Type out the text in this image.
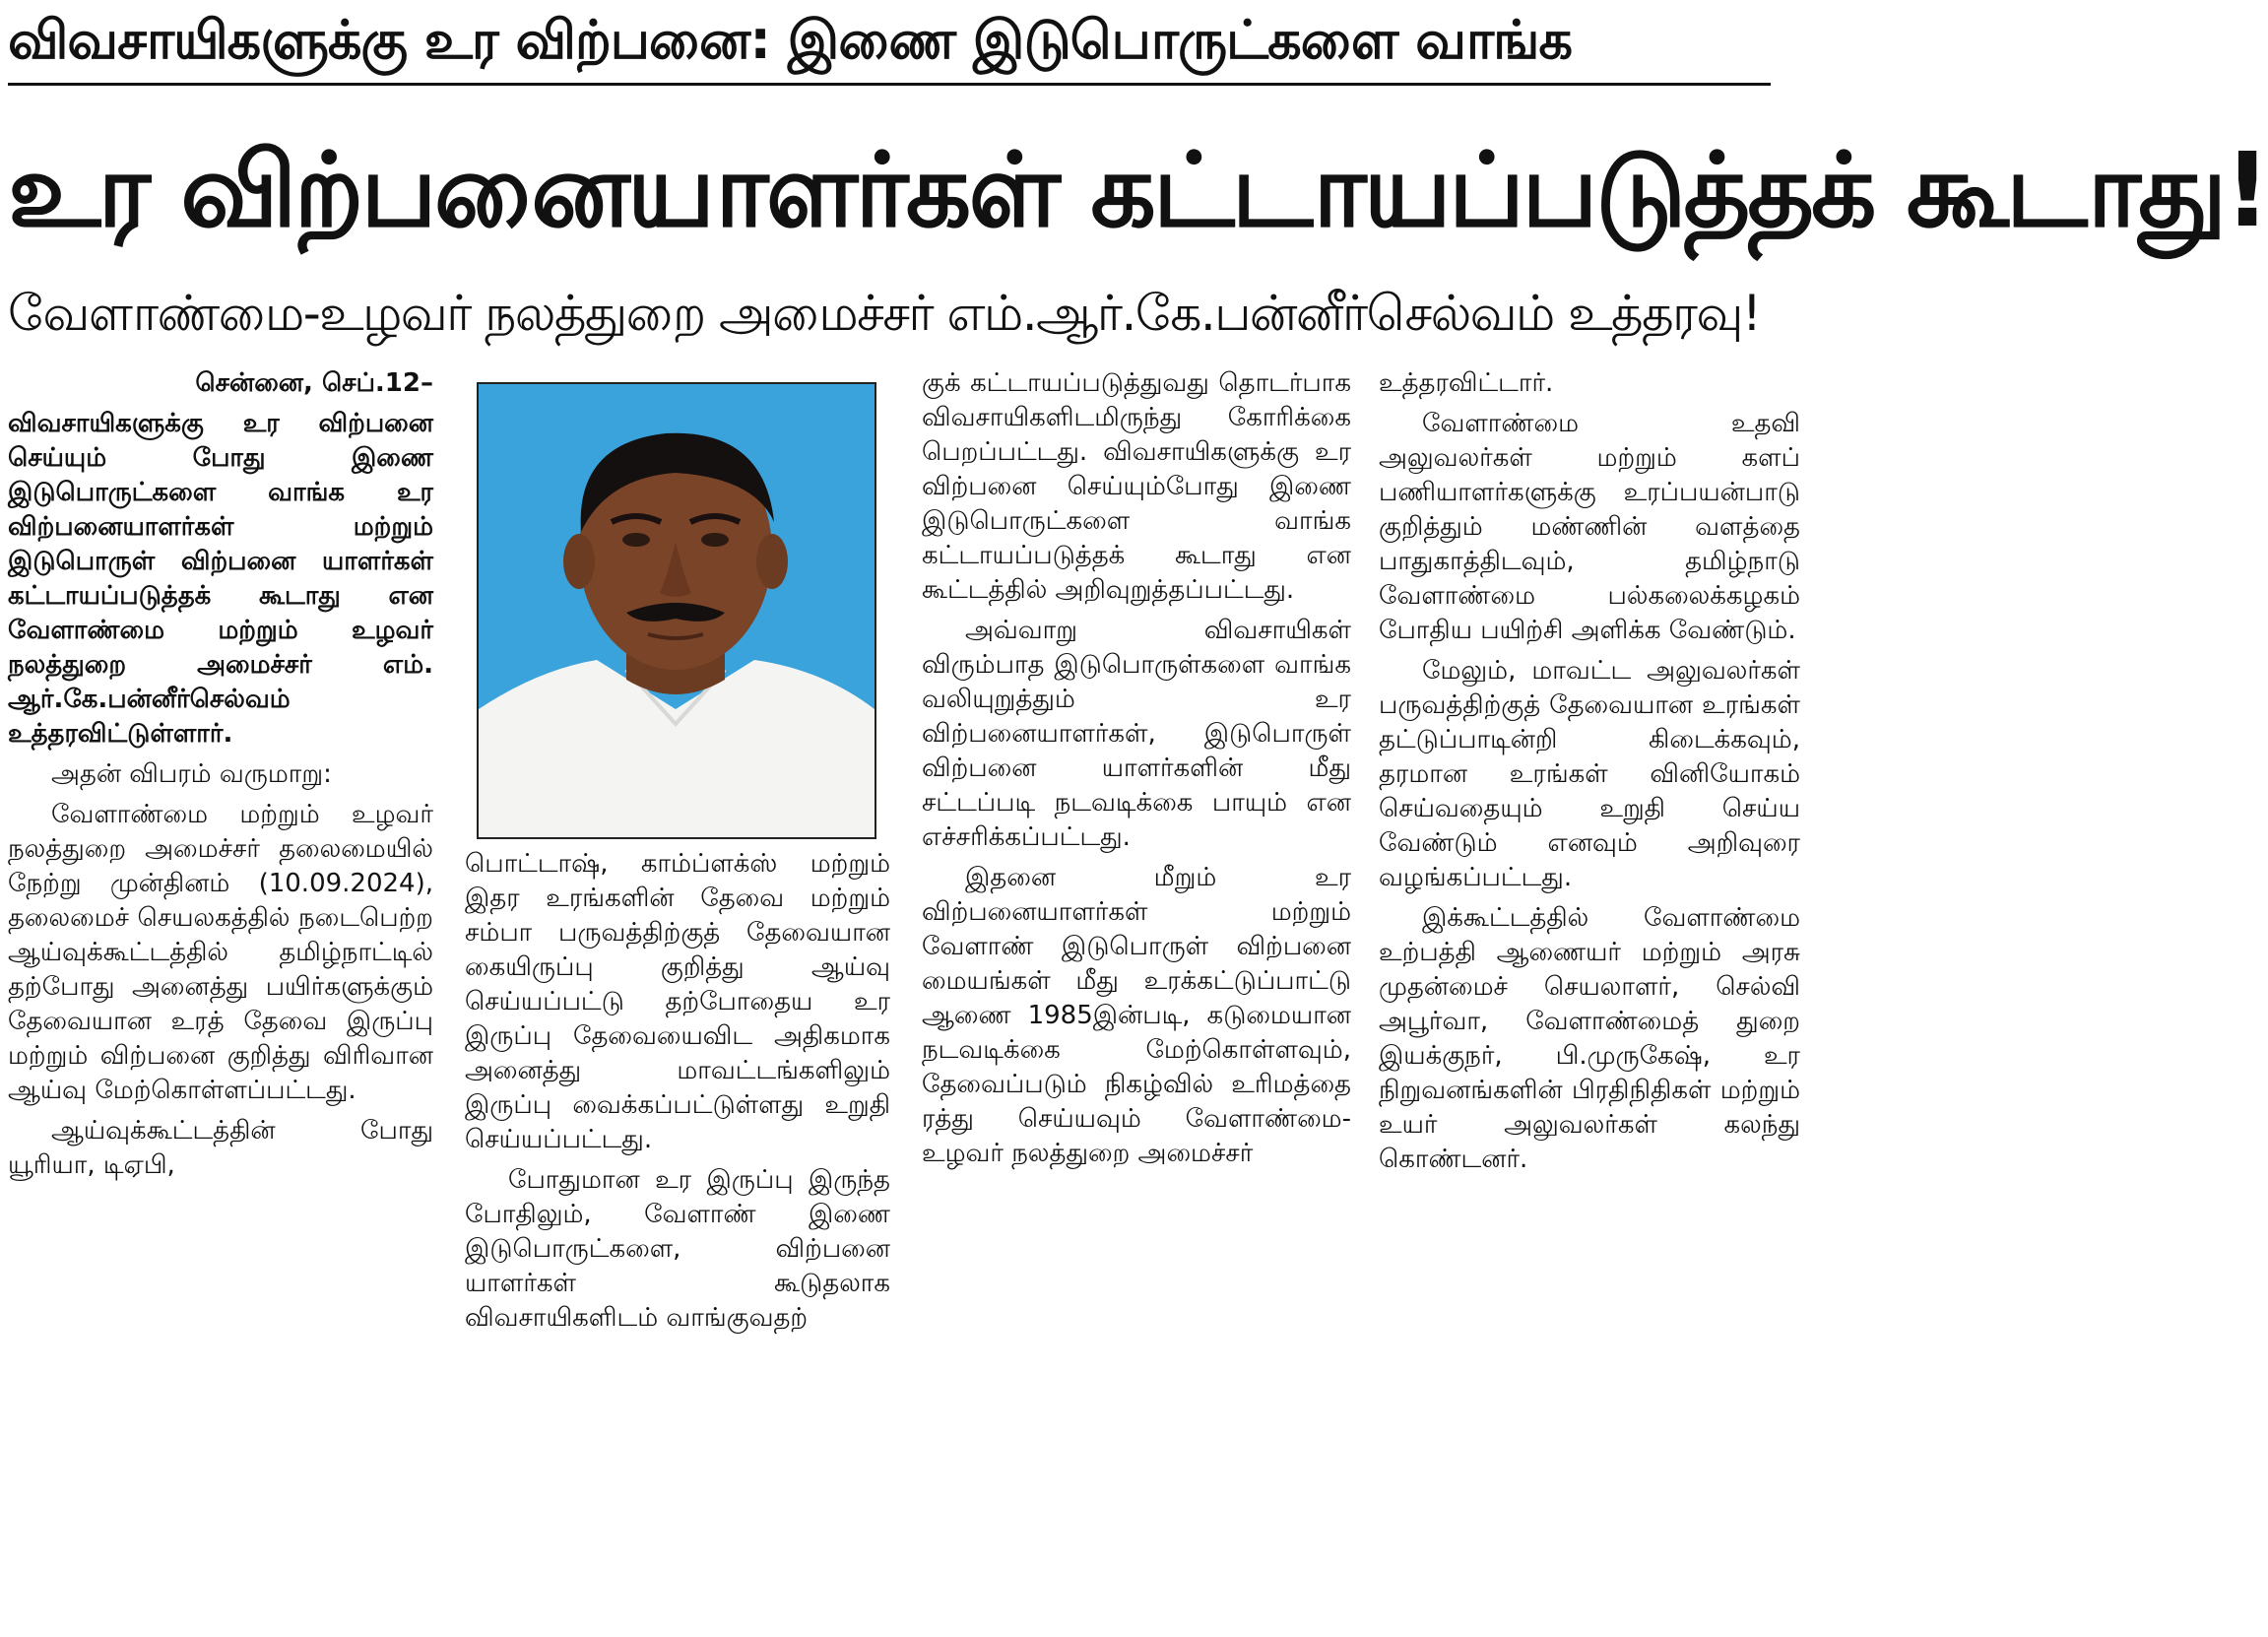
விவசாயிகளுக்கு உர விற்பனை: இணை இடுபொருட்களை வாங்க
உர விற்பனையாளர்கள் கட்டாயப்படுத்தக் கூடாது!
வேளாண்மை-உழவர் நலத்துறை அமைச்சர் எம்.ஆர்.கே.பன்னீர்செல்வம் உத்தரவு!

சென்னை, செப்.12–

விவசாயிகளுக்கு உர விற்பனை செய்யும் போது இணை இடுபொருட்களை வாங்க உர விற்பனையாளர்கள் மற்றும் இடுபொருள் விற்பனை யாளர்கள் கட்டாயப்படுத்தக் கூடாது என வேளாண்மை மற்றும் உழவர் நலத்துறை அமைச்சர் எம். ஆர்.கே.பன்னீர்செல்வம் உத்தரவிட்டுள்ளார்.

அதன் விபரம் வருமாறு:

வேளாண்மை மற்றும் உழவர் நலத்துறை அமைச்சர் தலைமையில் நேற்று முன்தினம் (10.09.2024), தலைமைச் செயலகத்தில் நடைபெற்ற ஆய்வுக்கூட்டத்தில் தமிழ்நாட்டில் தற்போது அனைத்து பயிர்களுக்கும் தேவையான உரத் தேவை இருப்பு மற்றும் விற்பனை குறித்து விரிவான ஆய்வு மேற்கொள்ளப்பட்டது.

ஆய்வுக்கூட்டத்தின் போது யூரியா, டிஏபி,

பொட்டாஷ், காம்ப்ளக்ஸ் மற்றும் இதர உரங்களின் தேவை மற்றும் சம்பா பருவத்திற்குத் தேவையான கையிருப்பு குறித்து ஆய்வு செய்யப்பட்டு தற்போதைய உர இருப்பு தேவையைவிட அதிகமாக அனைத்து மாவட்டங்களிலும் இருப்பு வைக்கப்பட்டுள்ளது உறுதி செய்யப்பட்டது.

போதுமான உர இருப்பு இருந்த போதிலும், வேளாண் இணை இடுபொருட்களை, விற்பனை யாளர்கள் கூடுதலாக விவசாயிகளிடம் வாங்குவதற்

குக் கட்டாயப்படுத்துவது தொடர்பாக விவசாயிகளிடமிருந்து கோரிக்கை பெறப்பட்டது. விவசாயிகளுக்கு உர விற்பனை செய்யும்போது இணை இடுபொருட்களை வாங்க கட்டாயப்படுத்தக் கூடாது என கூட்டத்தில் அறிவுறுத்தப்பட்டது.

அவ்வாறு விவசாயிகள் விரும்பாத இடுபொருள்களை வாங்க வலியுறுத்தும் உர விற்பனையாளர்கள், இடுபொருள் விற்பனை யாளர்களின் மீது சட்டப்படி நடவடிக்கை பாயும் என எச்சரிக்கப்பட்டது.

இதனை மீறும் உர விற்பனையாளர்கள் மற்றும் வேளாண் இடுபொருள் விற்பனை மையங்கள் மீது உரக்கட்டுப்பாட்டு ஆணை 1985இன்படி, கடுமையான நடவடிக்கை மேற்கொள்ளவும், தேவைப்படும் நிகழ்வில் உரிமத்தை ரத்து செய்யவும் வேளாண்மை-உழவர் நலத்துறை அமைச்சர்

உத்தரவிட்டார்.

வேளாண்மை உதவி அலுவலர்கள் மற்றும் களப் பணியாளர்களுக்கு உரப்பயன்பாடு குறித்தும் மண்ணின் வளத்தை பாதுகாத்திடவும், தமிழ்நாடு வேளாண்மை பல்கலைக்கழகம் போதிய பயிற்சி அளிக்க வேண்டும்.

மேலும், மாவட்ட அலுவலர்கள் பருவத்திற்குத் தேவையான உரங்கள் தட்டுப்பாடின்றி கிடைக்கவும், தரமான உரங்கள் வினியோகம் செய்வதையும் உறுதி செய்ய வேண்டும் எனவும் அறிவுரை வழங்கப்பட்டது.

இக்கூட்டத்தில் வேளாண்மை உற்பத்தி ஆணையர் மற்றும் அரசு முதன்மைச் செயலாளர், செல்வி அபூர்வா, வேளாண்மைத் துறை இயக்குநர், பி.முருகேஷ், உர நிறுவனங்களின் பிரதிநிதிகள் மற்றும் உயர் அலுவலர்கள் கலந்து கொண்டனர்.
